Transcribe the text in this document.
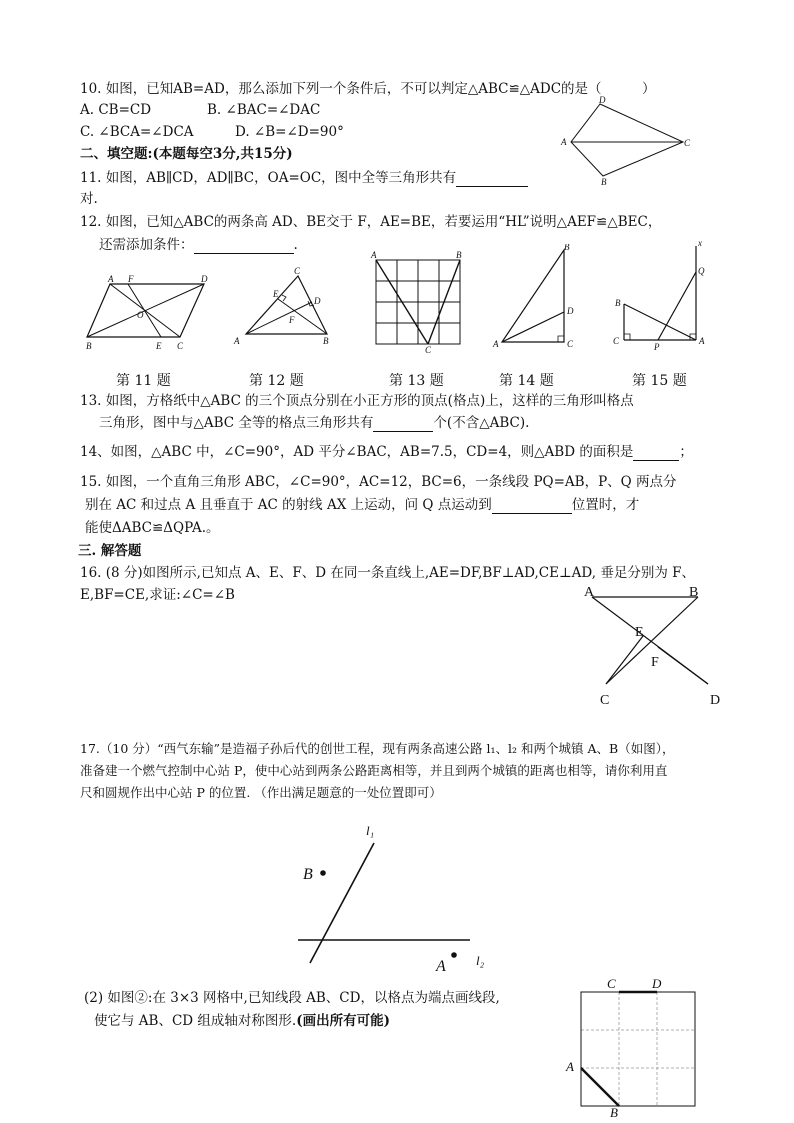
10. 如图，已知AB=AD，那么添加下列一个条件后，不可以判定△ABC≌△ADC的是（　　　）
A. CB=CD	B. ∠BAC=∠DAC
C. ∠BCA=∠DCA	D. ∠B=∠D=90°
D
A	C
B
二、填空题:(本题每空3分,共15分)
11. 如图，AB∥CD，AD∥BC，OA=OC，图中全等三角形共有
对.
12. 如图，已知△ABC的两条高 AD、BE交于 F，AE=BE，若要运用“HL”说明△AEF≌△BEC，
还需添加条件：	.
A F	D
O
B	E C
C
E
D
F
A	B
A	B
C
B
D
A	C
x
Q
B
C
P
A
第 11 题	第 12 题	第 13 题	第 14 题	第 15 题
13. 如图，方格纸中△ABC 的三个顶点分别在小正方形的顶点(格点)上，这样的三角形叫格点
三角形，图中与△ABC 全等的格点三角形共有	个(不含△ABC).
14、如图，△ABC 中，∠C=90°，AD 平分∠BAC，AB=7.5，CD=4，则△ABD 的面积是	；
15. 如图，一个直角三角形 ABC，∠C=90°，AC=12，BC=6，一条线段 PQ=AB，P、Q 两点分
别在 AC 和过点 A 且垂直于 AC 的射线 AX 上运动，问 Q 点运动到	位置时，才
能使ΔABC≌ΔQPA.。
三. 解答题
16. (8 分)如图所示,已知点 A、E、F、D 在同一条直线上,AE=DF,BF⊥AD,CE⊥AD, 垂足分别为 F、
E,BF=CE,求证:∠C=∠B	A	B
E
F
C	D
17.（10 分）“西气东输”是造福子孙后代的创世工程，现有两条高速公路 l₁、l₂ 和两个城镇 A、B（如图），
准备建一个燃气控制中心站 P，使中心站到两条公路距离相等，并且到两个城镇的距离也相等，请你利用直
尺和圆规作出中心站 P 的位置. （作出满足题意的一处位置即可）
l₁
B
A l₂
(2) 如图②:在 3×3 网格中,已知线段 AB、CD，以格点为端点画线段,
使它与 AB、CD 组成轴对称图形.(画出所有可能)
C	D
A
B
